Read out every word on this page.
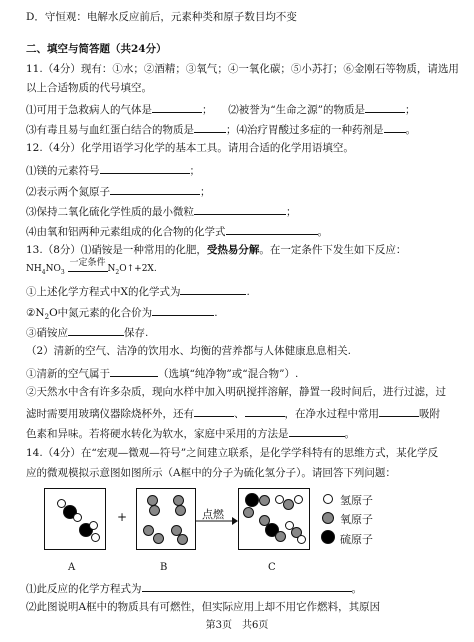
D．守恒观：电解水反应前后，元素种类和原子数目均不变
二、填空与简答题（共24分）
11.（4分）现有：①水；②酒精；③氧气；④一氧化碳；⑤小苏打；⑥金刚石等物质，请选用
以上合适物质的代号填空。
⑴可用于急救病人的气体是	；　　⑵被誉为“生命之源”的物质是	；
⑶有毒且易与血红蛋白结合的物质是	；⑷治疗胃酸过多症的一种药剂是 。
12.（4分）化学用语学习化学的基本工具。请用合适的化学用语填空。
⑴镁的元素符号	；
⑵表示两个氮原子	；
⑶保持二氧化硫化学性质的最小微粒	；
⑷由氧和铝两种元素组成的化合物的化学式	。
13.（8分）⑴硝铵是一种常用的化肥，受热易分解。在一定条件下发生如下反应：
$NH_4NO_3$
一定条件
$N_2O↑+2X$.
①上述化学方程式中X的化学式为	.
$②N_2O$中氮元素的化合价为	.
③硝铵应	保存.
（2）清新的空气、洁净的饮用水、均衡的营养都与人体健康息息相关.
①清新的空气属于	（选填“纯净物”或“混合物”）.
②天然水中含有许多杂质，现向水样中加入明矾搅拌溶解，静置一段时间后，进行过滤，过
滤时需要用玻璃仪器除烧杯外，还有	、	，在净水过程中常用	吸附
色素和异味。若将硬水转化为软水，家庭中采用的方法是	。
14.（4分）在“宏观—微观—符号”之间建立联系，是化学学科特有的思维方式，某化学反
应的微观模拟示意图如图所示（A框中的分子为硫化氢分子）。请回答下列问题：
+	点燃
氢原子
氧原子
硫原子
A	B	C
⑴此反应的化学方程式为	。
⑵此图说明A框中的物质具有可燃性，但实际应用上却不用它作燃料，其原因
第3页　共6页
